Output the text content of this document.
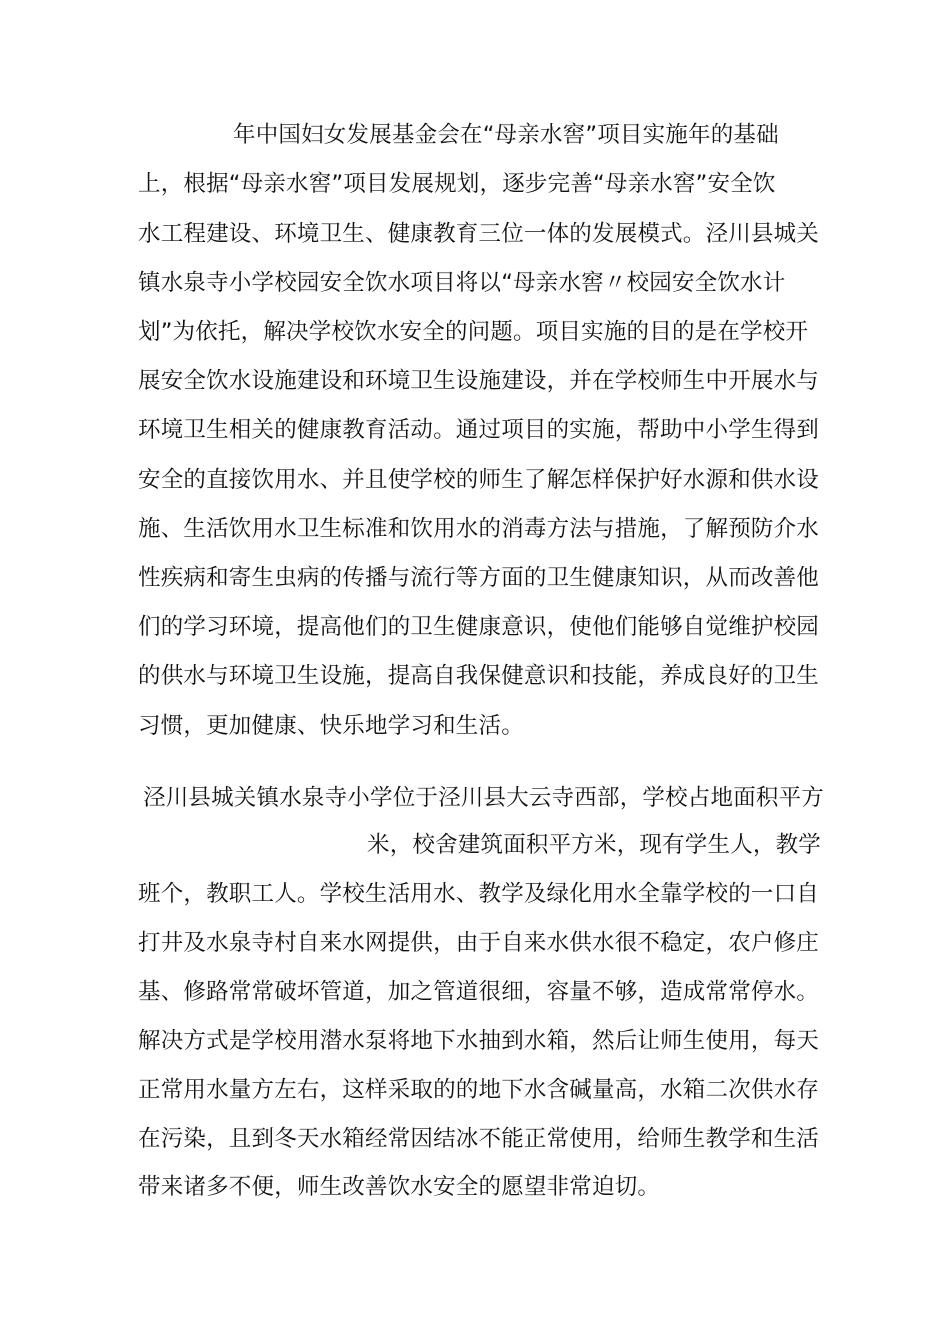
年中国妇女发展基金会在“母亲水窖”项目实施年的基础
上，根据“母亲水窖”项目发展规划，逐步完善“母亲水窖”安全饮
水工程建设、环境卫生、健康教育三位一体的发展模式。泾川县城关
镇水泉寺小学校园安全饮水项目将以“母亲水窖〃校园安全饮水计
划”为依托，解决学校饮水安全的问题。项目实施的目的是在学校开
展安全饮水设施建设和环境卫生设施建设，并在学校师生中开展水与
环境卫生相关的健康教育活动。通过项目的实施，帮助中小学生得到
安全的直接饮用水、并且使学校的师生了解怎样保护好水源和供水设
施、生活饮用水卫生标准和饮用水的消毒方法与措施，了解预防介水
性疾病和寄生虫病的传播与流行等方面的卫生健康知识，从而改善他
们的学习环境，提高他们的卫生健康意识，使他们能够自觉维护校园
的供水与环境卫生设施，提高自我保健意识和技能，养成良好的卫生
习惯，更加健康、快乐地学习和生活。
泾川县城关镇水泉寺小学位于泾川县大云寺西部，学校占地面积平方
米，校舍建筑面积平方米，现有学生人，教学
班个，教职工人。学校生活用水、教学及绿化用水全靠学校的一口自
打井及水泉寺村自来水网提供，由于自来水供水很不稳定，农户修庄
基、修路常常破坏管道，加之管道很细，容量不够，造成常常停水。
解决方式是学校用潜水泵将地下水抽到水箱，然后让师生使用，每天
正常用水量方左右，这样采取的的地下水含碱量高，水箱二次供水存
在污染，且到冬天水箱经常因结冰不能正常使用，给师生教学和生活
带来诸多不便，师生改善饮水安全的愿望非常迫切。
